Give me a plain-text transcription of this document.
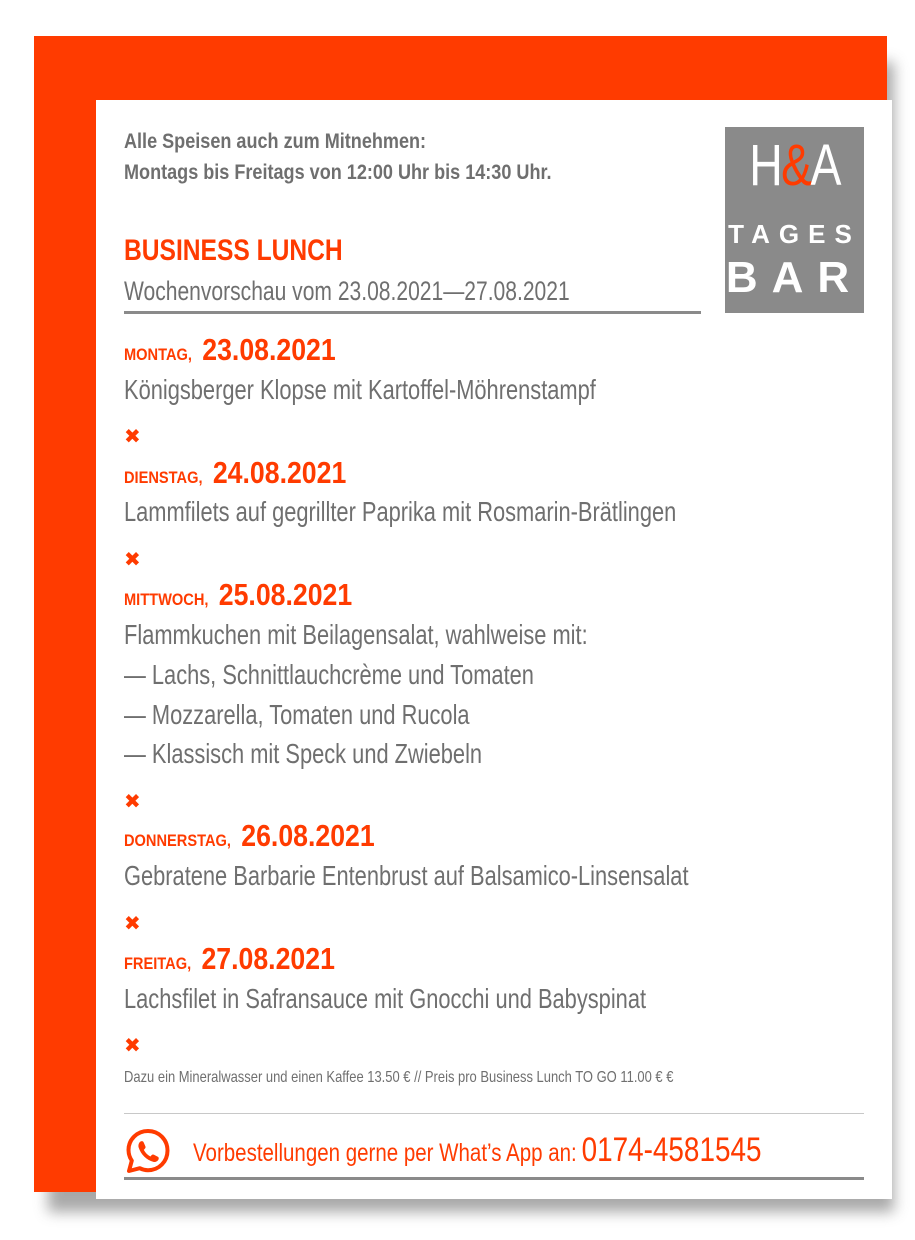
Alle Speisen auch zum Mitnehmen:
Montags bis Freitags von 12:00 Uhr bis 14:30 Uhr.	H&A
TAGES
BAR
BUSINESS LUNCH
Wochenvorschau vom 23.08.2021—27.08.2021
MONTAG, 23.08.2021
Königsberger Klopse mit Kartoffel-Möhrenstampf
✖
DIENSTAG, 24.08.2021
Lammfilets auf gegrillter Paprika mit Rosmarin-Brätlingen
✖
MITTWOCH, 25.08.2021
Flammkuchen mit Beilagensalat, wahlweise mit:
— Lachs, Schnittlauchcrème und Tomaten
— Mozzarella, Tomaten und Rucola
— Klassisch mit Speck und Zwiebeln
✖
DONNERSTAG, 26.08.2021
Gebratene Barbarie Entenbrust auf Balsamico-Linsensalat
✖
FREITAG, 27.08.2021
Lachsfilet in Safransauce mit Gnocchi und Babyspinat
✖
Dazu ein Mineralwasser und einen Kaffee 13.50 € // Preis pro Business Lunch TO GO 11.00 € €
Vorbestellungen gerne per What’s App an: 0174-4581545
